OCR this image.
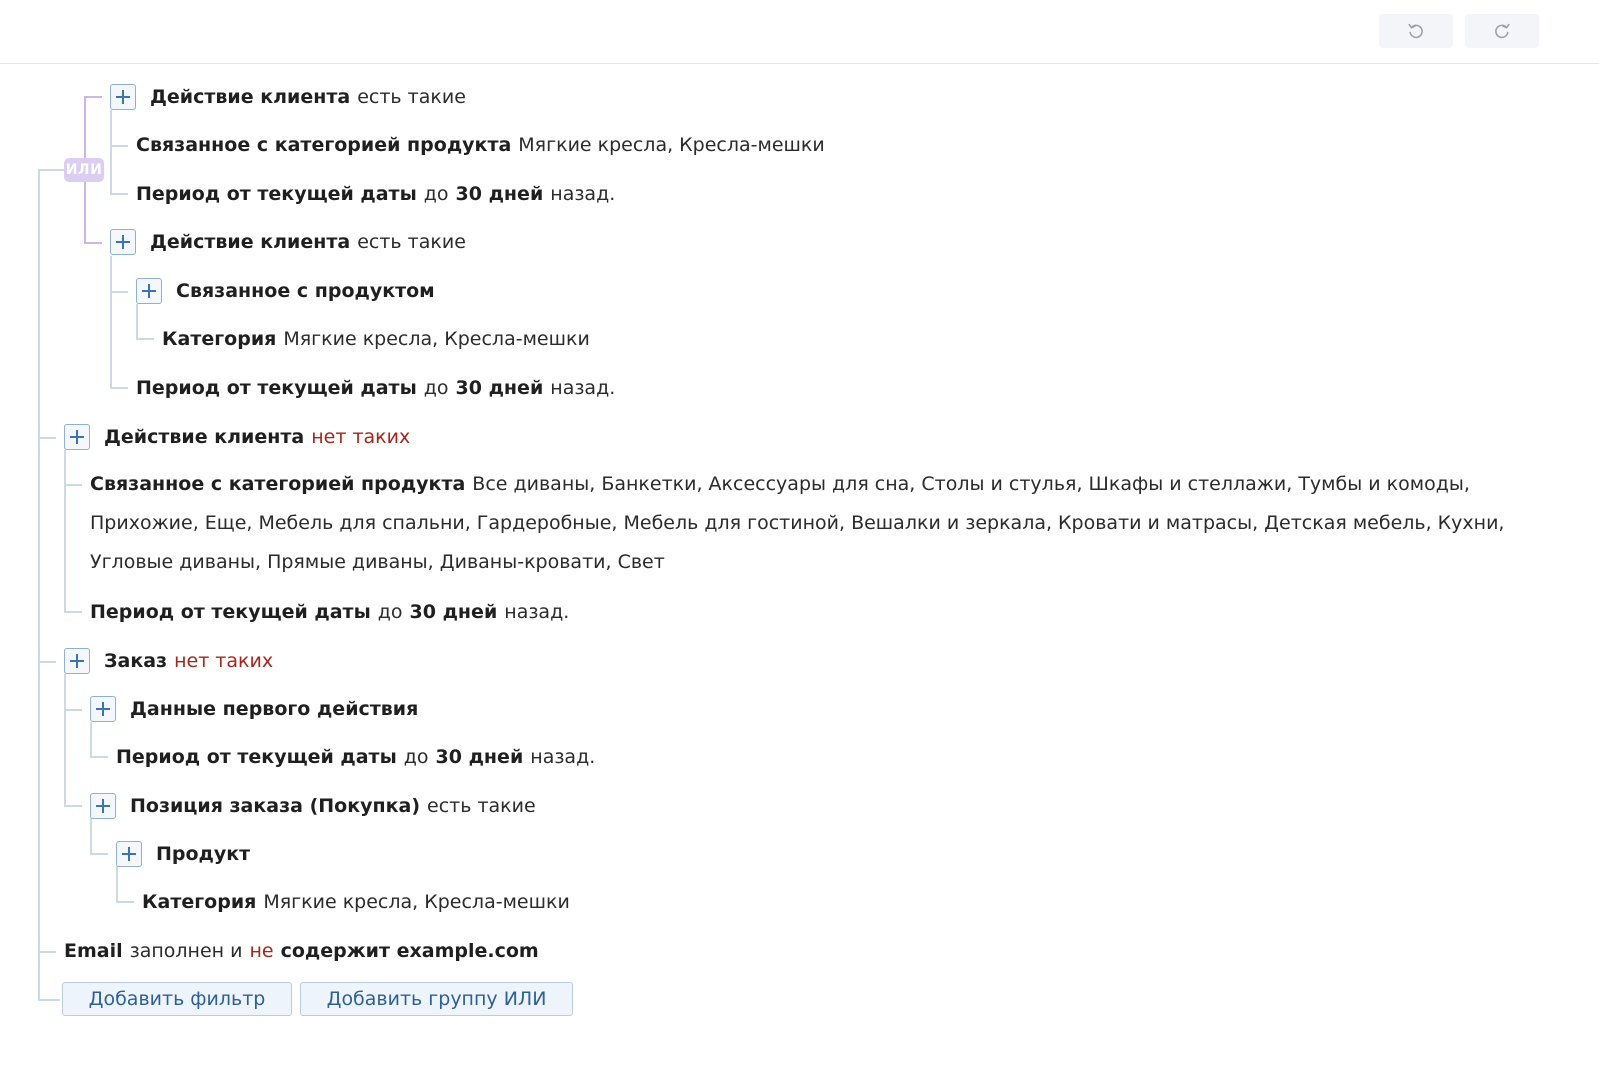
ИЛИ
Действие клиента есть такие
Связанное с категорией продукта Мягкие кресла, Кресла-мешки
Период от текущей даты до 30 дней назад.
Действие клиента есть такие
Связанное с продуктом
Категория Мягкие кресла, Кресла-мешки
Период от текущей даты до 30 дней назад.
Действие клиента нет таких
Связанное с категорией продукта Все диваны, Банкетки, Аксессуары для сна, Столы и стулья, Шкафы и стеллажи, Тумбы и комоды,
Прихожие, Еще, Мебель для спальни, Гардеробные, Мебель для гостиной, Вешалки и зеркала, Кровати и матрасы, Детская мебель, Кухни,
Угловые диваны, Прямые диваны, Диваны-кровати, Свет
Период от текущей даты до 30 дней назад.
Заказ нет таких
Данные первого действия
Период от текущей даты до 30 дней назад.
Позиция заказа (Покупка) есть такие
Продукт
Категория Мягкие кресла, Кресла-мешки
Email заполнен и не содержит example.com
Добавить фильтр	Добавить группу ИЛИ
